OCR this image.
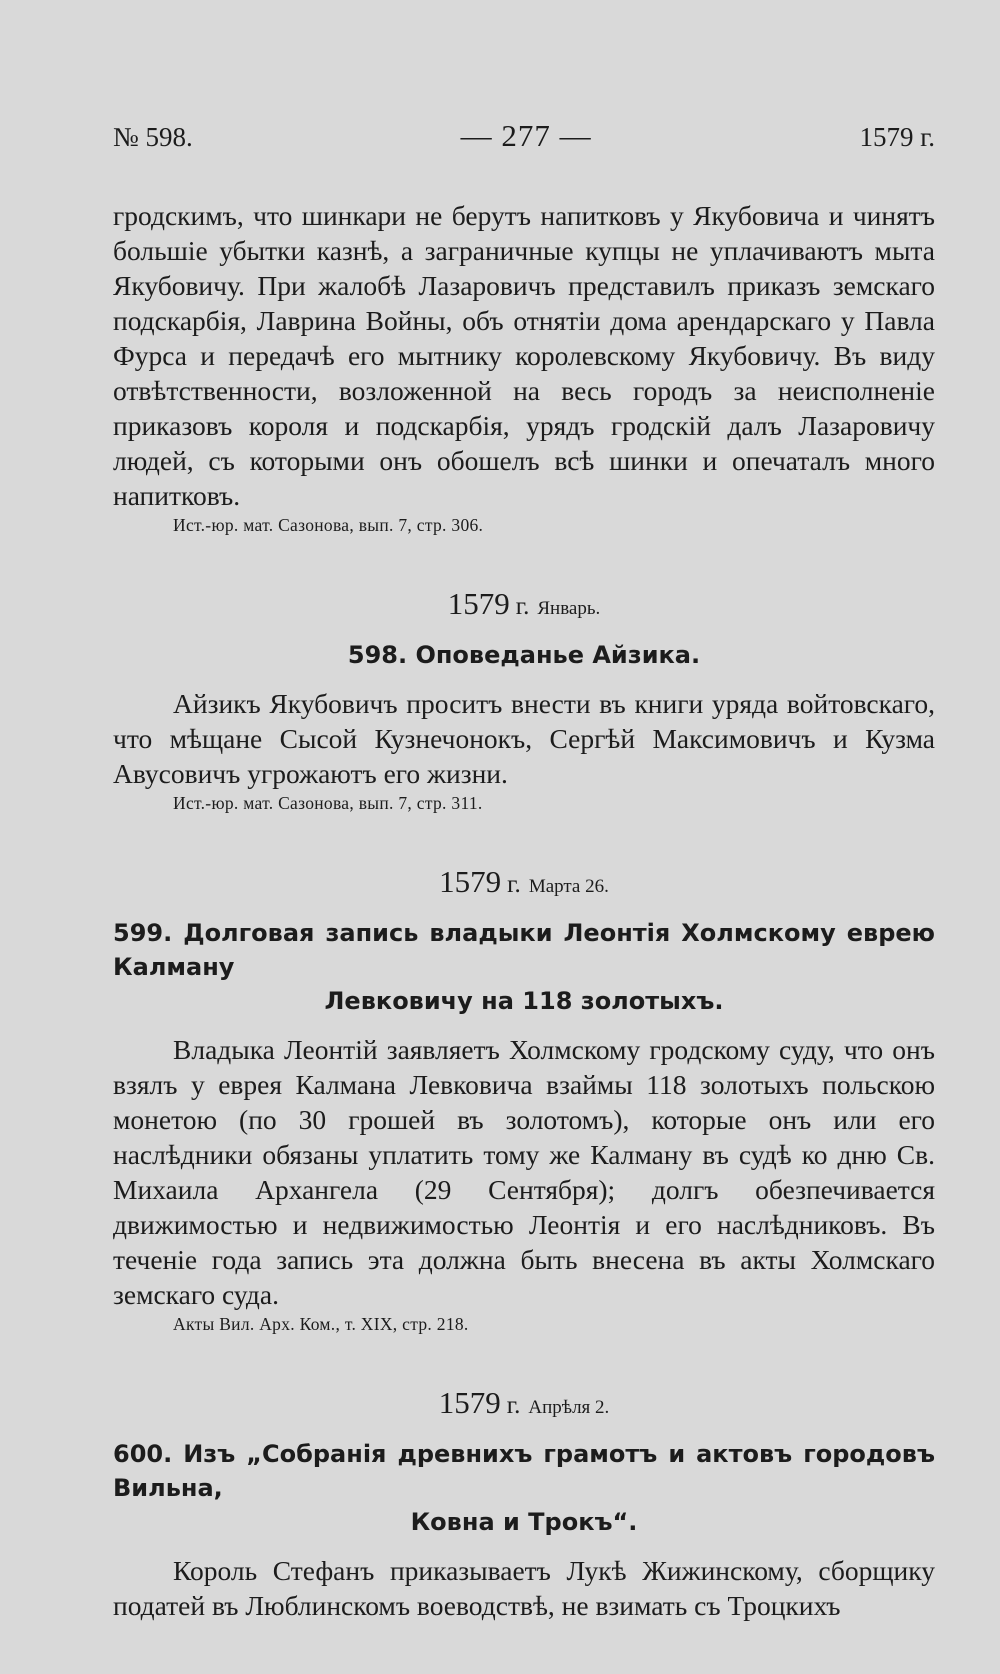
№ 598.	— 277 —	1579 г.

гродскимъ, что шинкари не берутъ напитковъ у Якубовича и чинятъ большіе убытки казнѣ, а заграничные купцы не уплачиваютъ мыта Якубовичу. При жалобѣ Лазаровичъ представилъ приказъ земскаго подскарбія, Лаврина Войны, объ отнятіи дома арендарскаго у Павла Фурса и передачѣ его мытнику королевскому Якубовичу. Въ виду отвѣтственности, возложенной на весь городъ за неисполненіе приказовъ короля и подскарбія, урядъ гродскій далъ Лазаровичу людей, съ которыми онъ обошелъ всѣ шинки и опечаталъ много напитковъ.

Ист.-юр. мат. Сазонова, вып. 7, стр. 306.
1579 г. Январь.
598. Оповеданье Айзика.

Айзикъ Якубовичъ проситъ внести въ книги уряда войтовскаго, что мѣщане Сысой Кузнечонокъ, Сергѣй Максимовичъ и Кузма Авусовичъ угрожаютъ его жизни.

Ист.-юр. мат. Сазонова, вып. 7, стр. 311.
1579 г. Марта 26.
599. Долговая запись владыки Леонтія Холмскому еврею Калману
Левковичу на 118 золотыхъ.

Владыка Леонтій заявляетъ Холмскому гродскому суду, что онъ взялъ у еврея Калмана Левковича взаймы 118 золотыхъ польскою монетою (по 30 грошей въ золотомъ), которые онъ или его наслѣдники обязаны уплатить тому же Калману въ судѣ ко дню Св. Михаила Архангела (29 Сентября); долгъ обезпечивается движимостью и недвижимостью Леонтія и его наслѣдниковъ. Въ теченіе года запись эта должна быть внесена въ акты Холмскаго земскаго суда.

Акты Вил. Арх. Ком., т. XIX, стр. 218.
1579 г. Апрѣля 2.
600. Изъ „Собранія древнихъ грамотъ и актовъ городовъ Вильна,
Ковна и Трокъ“.

Король Стефанъ приказываетъ Лукѣ Жижинскому, сборщику податей въ Люблинскомъ воеводствѣ, не взимать съ Троцкихъ
